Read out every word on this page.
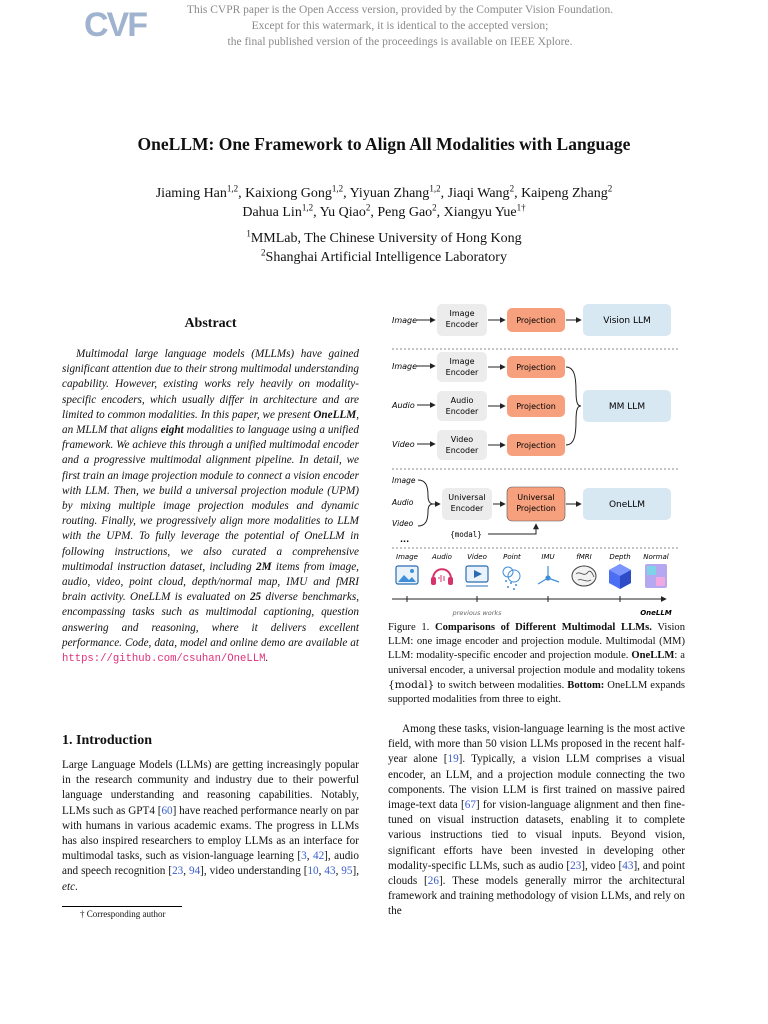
CVF	This CVPR paper is the Open Access version, provided by the Computer Vision Foundation.
Except for this watermark, it is identical to the accepted version;
the final published version of the proceedings is available on IEEE Xplore.
OneLLM: One Framework to Align All Modalities with Language
Jiaming Han$^{1,2}$, Kaixiong Gong$^{1,2}$, Yiyuan Zhang$^{1,2}$, Jiaqi Wang$^2$, Kaipeng Zhang$^2$
Dahua Lin$^{1,2}$, Yu Qiao$^2$, Peng Gao$^2$, Xiangyu Yue$^{1\dagger}$
$^1$MMLab, The Chinese University of Hong Kong
$^2$Shanghai Artificial Intelligence Laboratory
Abstract
Multimodal large language models (MLLMs) have gained significant attention due to their strong multimodal understanding capability. However, existing works rely heavily on modality-specific encoders, which usually differ in architecture and are limited to common modalities. In this paper, we present OneLLM, an MLLM that aligns eight modalities to language using a unified framework. We achieve this through a unified multimodal encoder and a progressive multimodal alignment pipeline. In detail, we first train an image projection module to connect a vision encoder with LLM. Then, we build a universal projection module (UPM) by mixing multiple image projection modules and dynamic routing. Finally, we progressively align more modalities to LLM with the UPM. To fully leverage the potential of OneLLM in following instructions, we also curated a comprehensive multimodal instruction dataset, including 2M items from image, audio, video, point cloud, depth/normal map, IMU and fMRI brain activity. OneLLM is evaluated on 25 diverse benchmarks, encompassing tasks such as multimodal captioning, question answering and reasoning, where it delivers excellent performance. Code, data, model and online demo are available at https://github.com/csuhan/OneLLM.
1. Introduction
Large Language Models (LLMs) are getting increasingly popular in the research community and industry due to their powerful language understanding and reasoning capabilities. Notably, LLMs such as GPT4 [60] have reached performance nearly on par with humans in various academic exams. The progress in LLMs has also inspired researchers to employ LLMs as an interface for multimodal tasks, such as vision-language learning [3, 42], audio and speech recognition [23, 94], video understanding [10, 43, 95], etc.
† Corresponding author
Image
Image
Encoder	Projection	Vision LLM
Image
Audio
Video
Image
Encoder
Audio
Encoder
Video
Encoder
Projection
Projection
Projection
MM LLM
Image
Audio
Video
...
Universal
Encoder
Universal
Projection
{modal}
OneLLM
Image Audio Video Point	IMU	fMRI	Depth Normal
previous works	OneLLM
Figure 1. Comparisons of Different Multimodal LLMs. Vision LLM: one image encoder and projection module. Multimodal (MM) LLM: modality-specific encoder and projection module. OneLLM: a universal encoder, a universal projection module and modality tokens {modal} to switch between modalities. Bottom: OneLLM expands supported modalities from three to eight.
Among these tasks, vision-language learning is the most active field, with more than 50 vision LLMs proposed in the recent half-year alone [19]. Typically, a vision LLM comprises a visual encoder, an LLM, and a projection module connecting the two components. The vision LLM is first trained on massive paired image-text data [67] for vision-language alignment and then fine-tuned on visual instruction datasets, enabling it to complete various instructions tied to visual inputs. Beyond vision, significant efforts have been invested in developing other modality-specific LLMs, such as audio [23], video [43], and point clouds [26]. These models generally mirror the architectural framework and training methodology of vision LLMs, and rely on the
